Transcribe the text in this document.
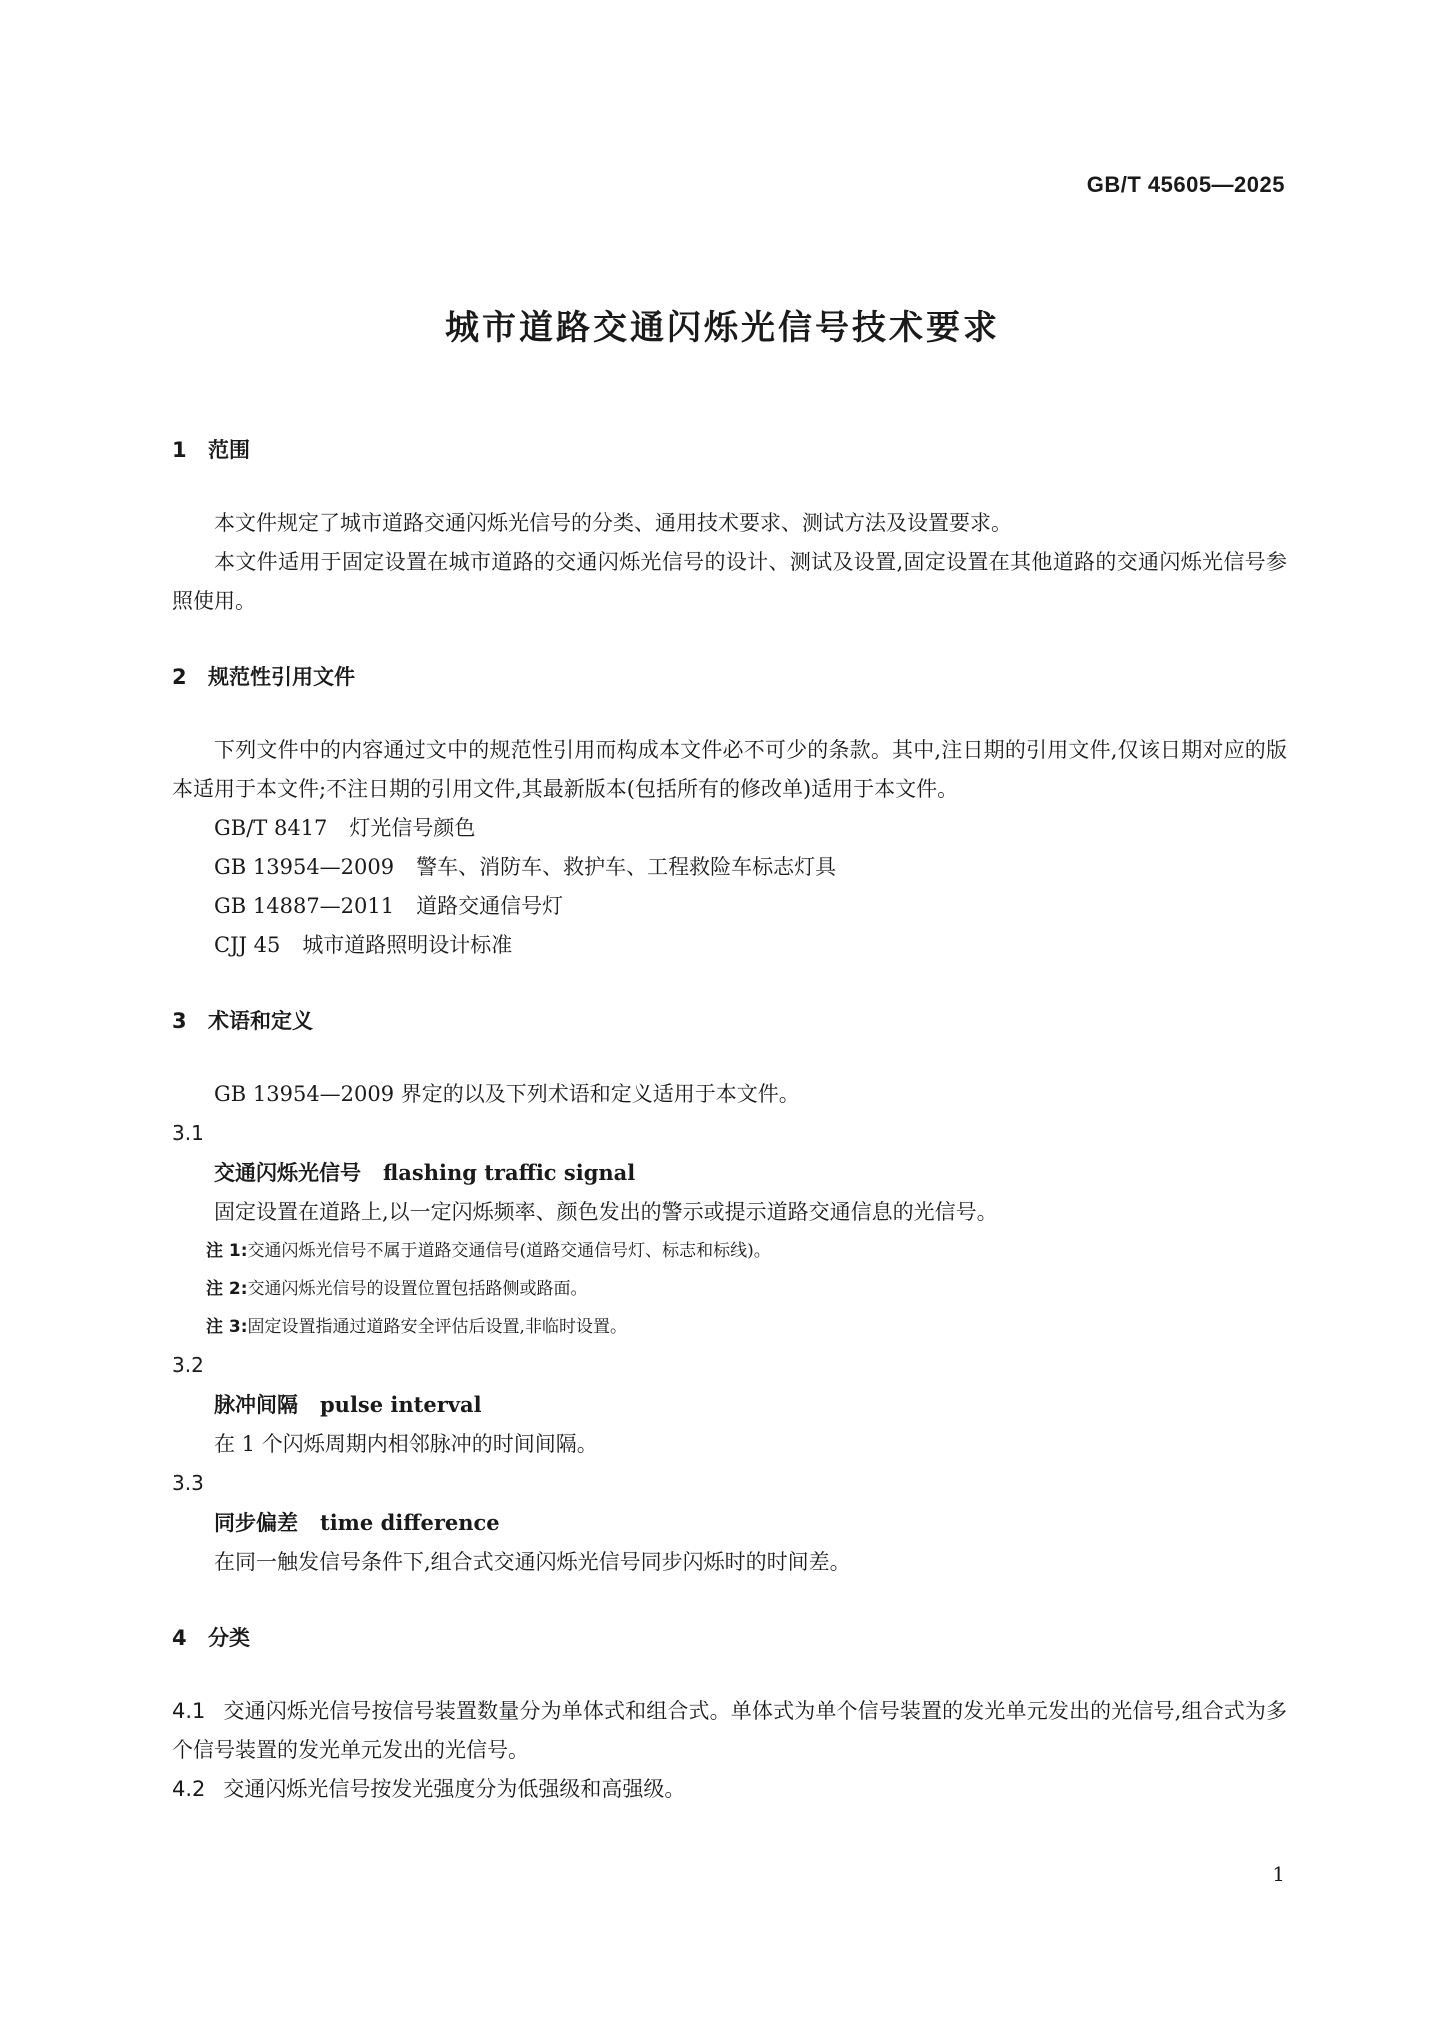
GB/T 45605—2025
城市道路交通闪烁光信号技术要求
1 范围

本文件规定了城市道路交通闪烁光信号的分类、通用技术要求、测试方法及设置要求。

本文件适用于固定设置在城市道路的交通闪烁光信号的设计、测试及设置,固定设置在其他道路的交通闪烁光信号参照使用。

2 规范性引用文件

下列文件中的内容通过文中的规范性引用而构成本文件必不可少的条款。其中,注日期的引用文件,仅该日期对应的版本适用于本文件;不注日期的引用文件,其最新版本(包括所有的修改单)适用于本文件。

GB/T 8417 灯光信号颜色

GB 13954—2009 警车、消防车、救护车、工程救险车标志灯具

GB 14887—2011 道路交通信号灯

CJJ 45 城市道路照明设计标准

3 术语和定义

GB 13954—2009 界定的以及下列术语和定义适用于本文件。

3.1

交通闪烁光信号 flashing traffic signal

固定设置在道路上,以一定闪烁频率、颜色发出的警示或提示道路交通信息的光信号。

注 1:交通闪烁光信号不属于道路交通信号(道路交通信号灯、标志和标线)。

注 2:交通闪烁光信号的设置位置包括路侧或路面。

注 3:固定设置指通过道路安全评估后设置,非临时设置。

3.2

脉冲间隔 pulse interval

在 1 个闪烁周期内相邻脉冲的时间间隔。

3.3

同步偏差 time difference

在同一触发信号条件下,组合式交通闪烁光信号同步闪烁时的时间差。

4 分类

4.1 交通闪烁光信号按信号装置数量分为单体式和组合式。单体式为单个信号装置的发光单元发出的光信号,组合式为多个信号装置的发光单元发出的光信号。

4.2 交通闪烁光信号按发光强度分为低强级和高强级。

1
